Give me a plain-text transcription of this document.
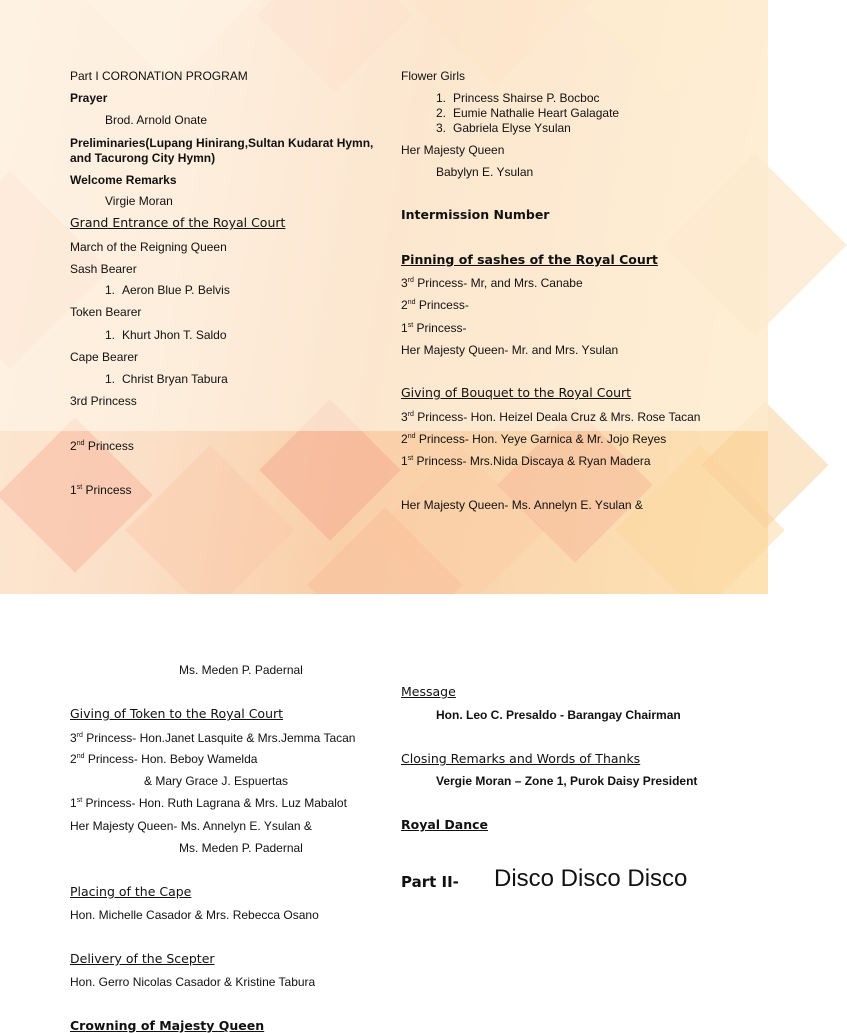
Part I CORONATION PROGRAM
Prayer
Brod. Arnold Onate
Preliminaries(Lupang Hinirang,Sultan Kudarat Hymn,
and Tacurong City Hymn)
Welcome Remarks
Virgie Moran
Grand Entrance of the Royal Court
March of the Reigning Queen
Sash Bearer
1. Aeron Blue P. Belvis
Token Bearer
1. Khurt Jhon T. Saldo
Cape Bearer
1. Christ Bryan Tabura
3rd Princess
2nd Princess
1st Princess
Flower Girls
1. Princess Shairse P. Bocboc
2. Eumie Nathalie Heart Galagate
3. Gabriela Elyse Ysulan
Her Majesty Queen
Babylyn E. Ysulan
Intermission Number
Pinning of sashes of the Royal Court
3rd Princess- Mr, and Mrs. Canabe
2nd Princess-
1st Princess-
Her Majesty Queen- Mr. and Mrs. Ysulan
Giving of Bouquet to the Royal Court
3rd Princess- Hon. Heizel Deala Cruz & Mrs. Rose Tacan
2nd Princess- Hon. Yeye Garnica & Mr. Jojo Reyes
1st Princess- Mrs.Nida Discaya & Ryan Madera
Her Majesty Queen- Ms. Annelyn E. Ysulan &
Ms. Meden P. Padernal
Giving of Token to the Royal Court
3rd Princess- Hon.Janet Lasquite & Mrs.Jemma Tacan
2nd Princess- Hon. Beboy Wamelda
& Mary Grace J. Espuertas
1st Princess- Hon. Ruth Lagrana & Mrs. Luz Mabalot
Her Majesty Queen- Ms. Annelyn E. Ysulan &
Ms. Meden P. Padernal
Placing of the Cape
Hon. Michelle Casador & Mrs. Rebecca Osano
Delivery of the Scepter
Hon. Gerro Nicolas Casador & Kristine Tabura
Crowning of Majesty Queen
Message
Hon. Leo C. Presaldo - Barangay Chairman
Closing Remarks and Words of Thanks
Vergie Moran – Zone 1, Purok Daisy President
Royal Dance
Part II- Disco Disco Disco
